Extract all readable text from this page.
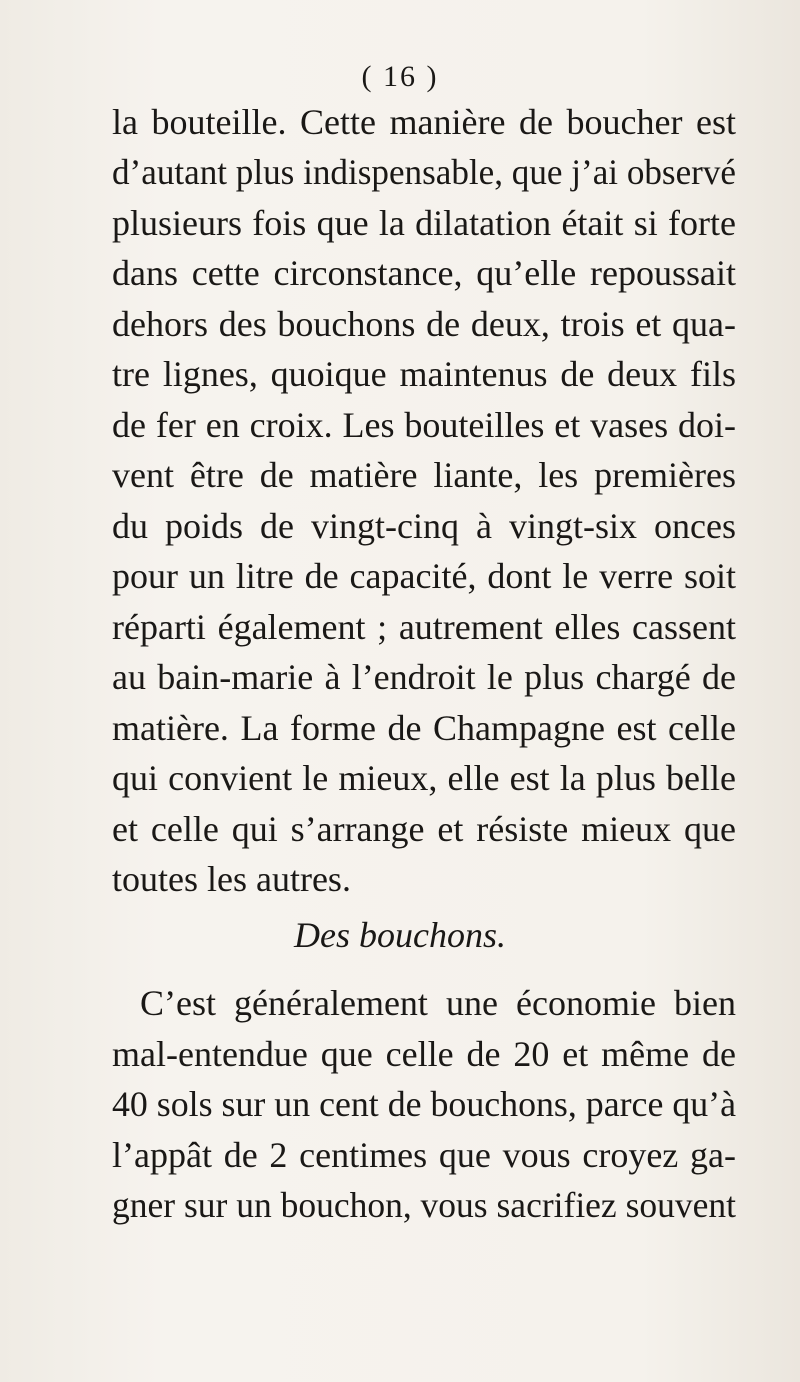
( 16 )
la bouteille. Cette manière de boucher est
d’autant plus indispensable, que j’ai observé
plusieurs fois que la dilatation était si forte
dans cette circonstance, qu’elle repoussait
dehors des bouchons de deux, trois et qua-
tre lignes, quoique maintenus de deux fils
de fer en croix. Les bouteilles et vases doi-
vent être de matière liante, les premières
du poids de vingt-cinq à vingt-six onces
pour un litre de capacité, dont le verre soit
réparti également ; autrement elles cassent
au bain-marie à l’endroit le plus chargé de
matière. La forme de Champagne est celle
qui convient le mieux, elle est la plus belle
et celle qui s’arrange et résiste mieux que
toutes les autres.
Des bouchons.
C’est généralement une économie bien
mal-entendue que celle de 20 et même de
40 sols sur un cent de bouchons, parce qu’à
l’appât de 2 centimes que vous croyez ga-
gner sur un bouchon, vous sacrifiez souvent
